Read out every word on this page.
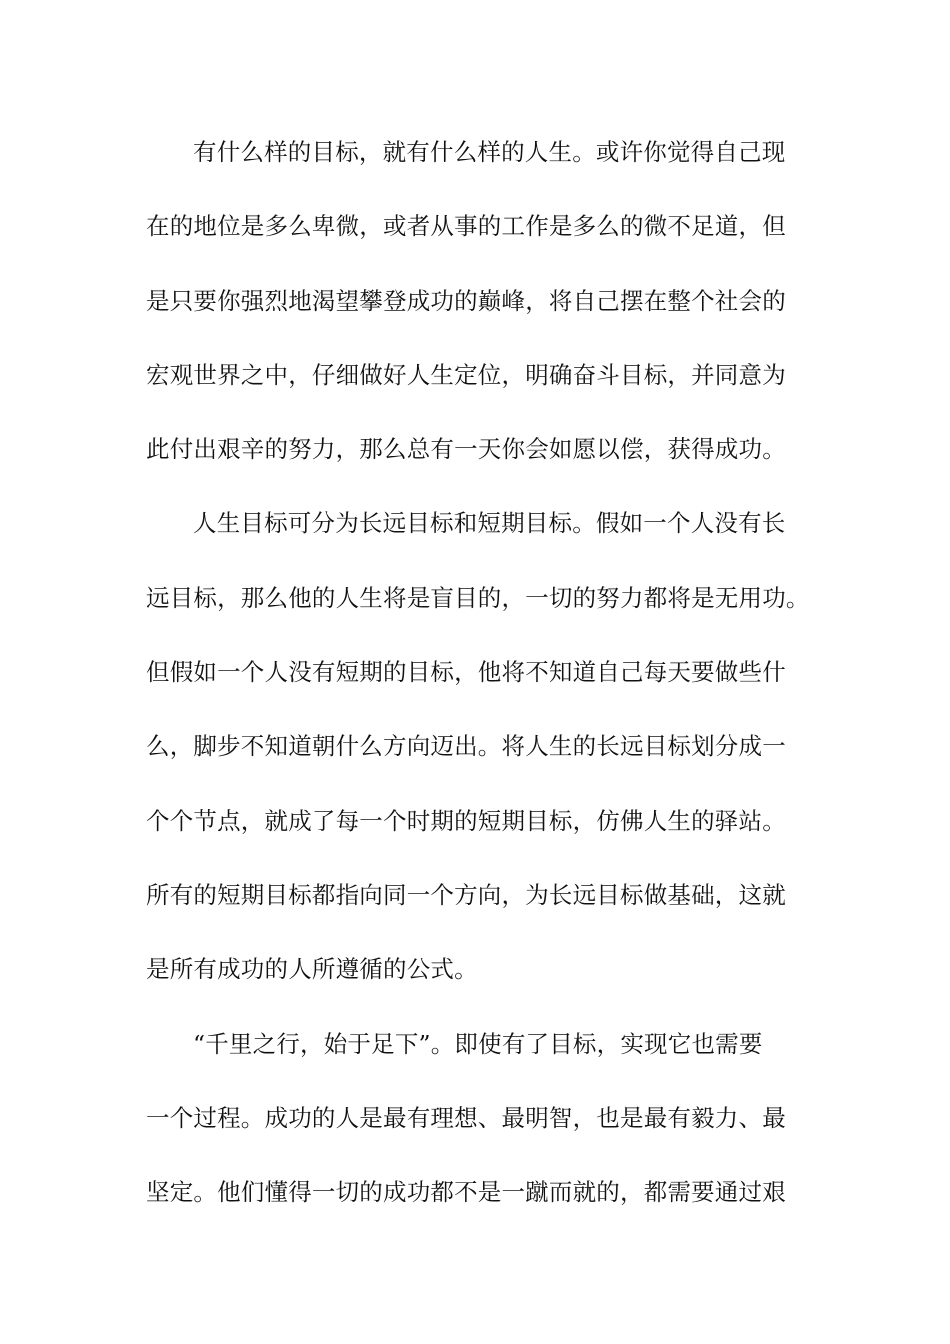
有什么样的目标，就有什么样的人生。或许你觉得自己现
在的地位是多么卑微，或者从事的工作是多么的微不足道，但
是只要你强烈地渴望攀登成功的巅峰，将自己摆在整个社会的
宏观世界之中，仔细做好人生定位，明确奋斗目标，并同意为
此付出艰辛的努力，那么总有一天你会如愿以偿，获得成功。
人生目标可分为长远目标和短期目标。假如一个人没有长
远目标，那么他的人生将是盲目的，一切的努力都将是无用功。
但假如一个人没有短期的目标，他将不知道自己每天要做些什
么，脚步不知道朝什么方向迈出。将人生的长远目标划分成一
个个节点，就成了每一个时期的短期目标，仿佛人生的驿站。
所有的短期目标都指向同一个方向，为长远目标做基础，这就
是所有成功的人所遵循的公式。
“千里之行，始于足下”。即使有了目标，实现它也需要
一个过程。成功的人是最有理想、最明智，也是最有毅力、最
坚定。他们懂得一切的成功都不是一蹴而就的，都需要通过艰
